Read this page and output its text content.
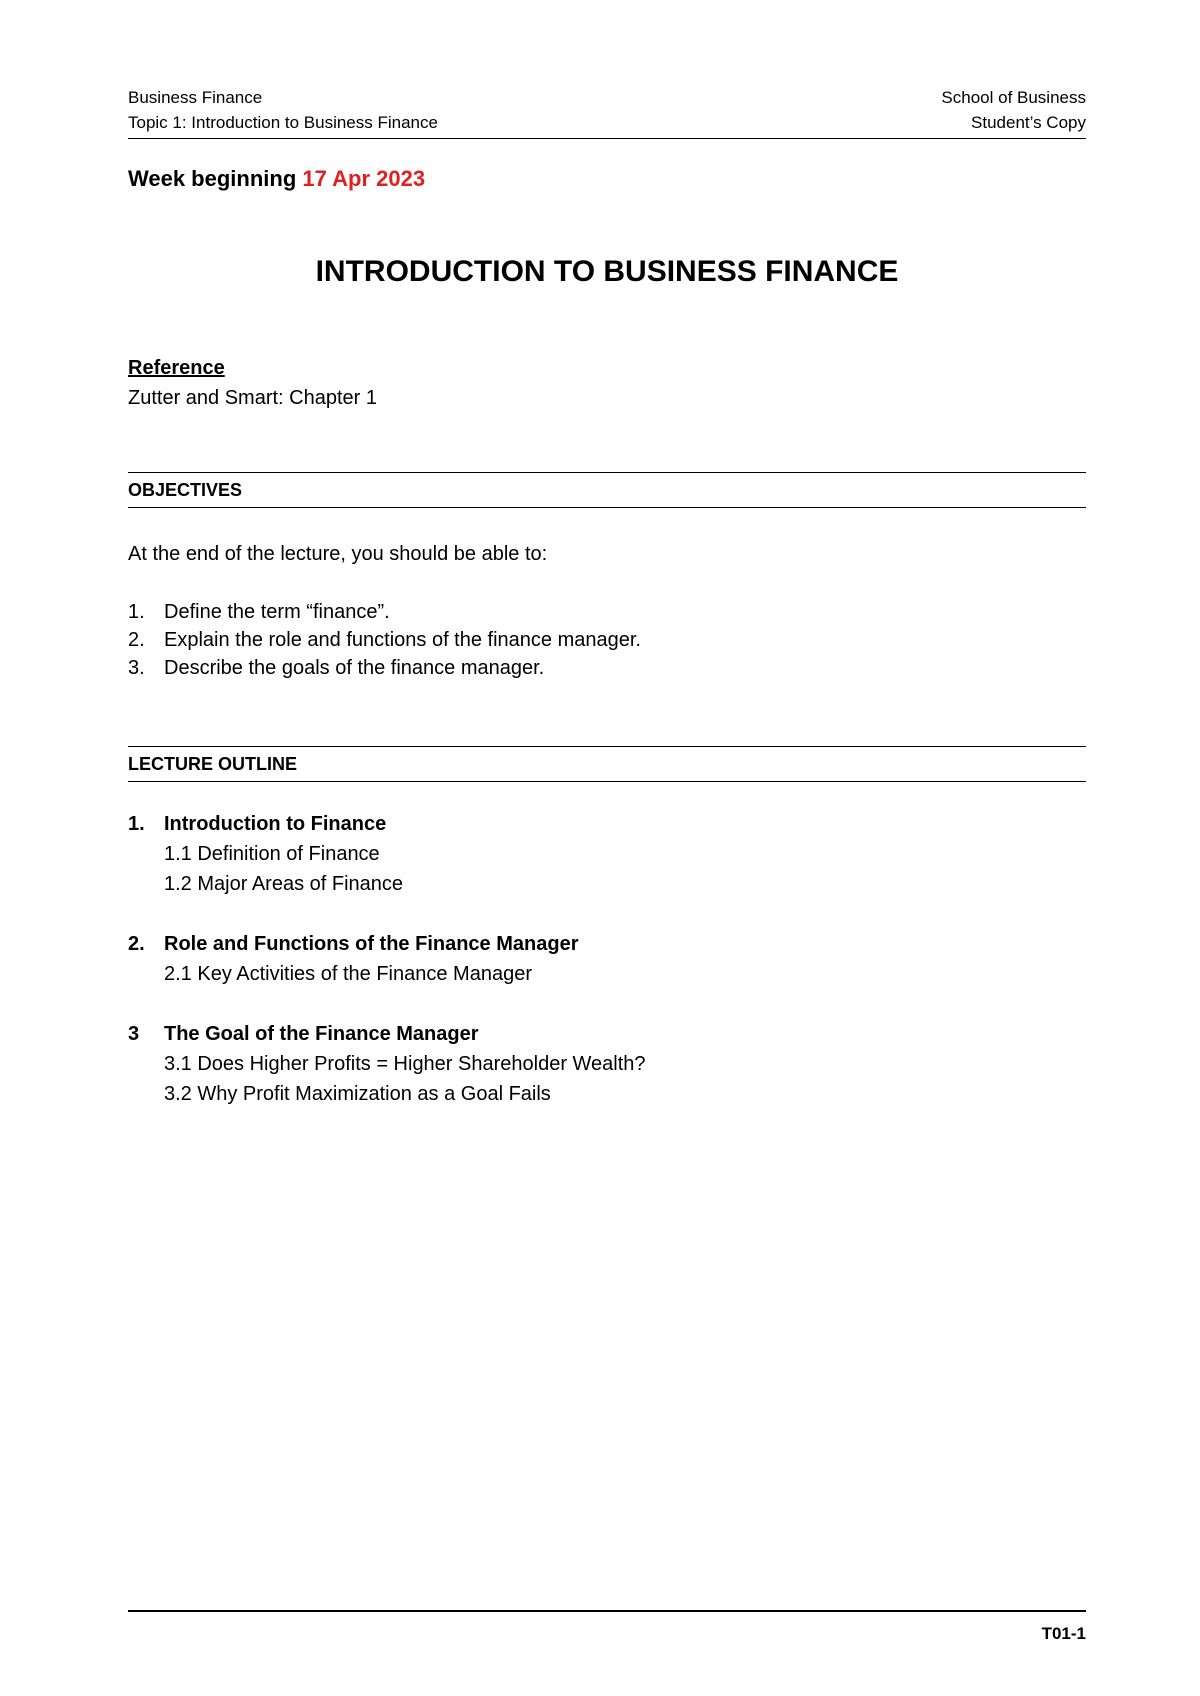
Business Finance	School of Business
Topic 1: Introduction to Business Finance	Student’s Copy
Week beginning 17 Apr 2023
INTRODUCTION TO BUSINESS FINANCE
Reference
Zutter and Smart: Chapter 1
OBJECTIVES
At the end of the lecture, you should be able to:
1. Define the term “finance”.
2. Explain the role and functions of the finance manager.
3. Describe the goals of the finance manager.
LECTURE OUTLINE
1. Introduction to Finance
1.1 Definition of Finance
1.2 Major Areas of Finance
2. Role and Functions of the Finance Manager
2.1 Key Activities of the Finance Manager
3 The Goal of the Finance Manager
3.1 Does Higher Profits = Higher Shareholder Wealth?
3.2 Why Profit Maximization as a Goal Fails
T01-1
